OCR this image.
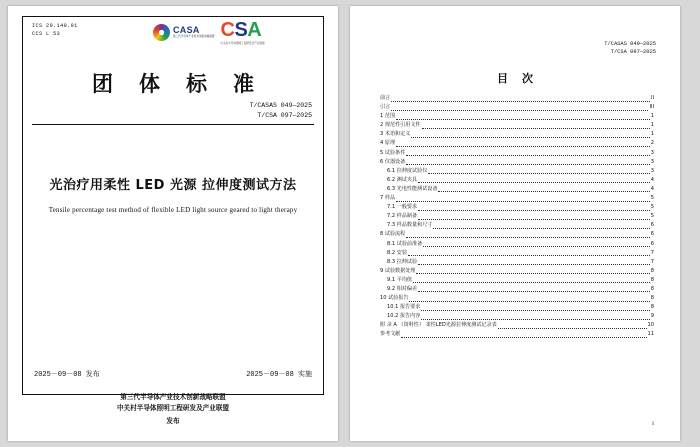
ICS 29.140.01
CCS L 53	CASA
第三代半导体产业技术创新战略联盟 CSA
中关村半导体照明工程研发及产业联盟
团体标准
T/CASAS 049—2025
T/CSA 097—2025
光治疗用柔性 LED 光源 拉伸度测试方法
Tensile percentage test method of flexible LED light source geared to light therapy
2025－09－08 发布	2025－09－08 实施
第三代半导体产业技术创新战略联盟
中关村半导体照明工程研发及产业联盟
发布
T/CASAS 049—2025
T/CSA 097—2025
目次
前言	II
引言	III
1 范围	1
2 规范性引用文件	1
3 术语和定义	1
4 原理	2
5 试验条件	3
6 仪器设备	3
6.1 拉伸度试验仪	3
6.2 测试夹具	4
6.3 光电性能测试设备	4
7 样品	5
7.1 一般要求	5
7.2 样品制备	5
7.3 样品数量和尺寸	6
8 试验流程	6
8.1 试验前准备	6
8.2 安装	7
8.3 拉伸试验	7
9 试验数据处理	8
9.1 平均值	8
9.2 相对偏差	8
10 试验报告	8
10.1 报告要求	8
10.2 报告内容	9
附 录 A （资料性） 柔性LED光源拉伸度测试记录表	10
参考文献	11
I
